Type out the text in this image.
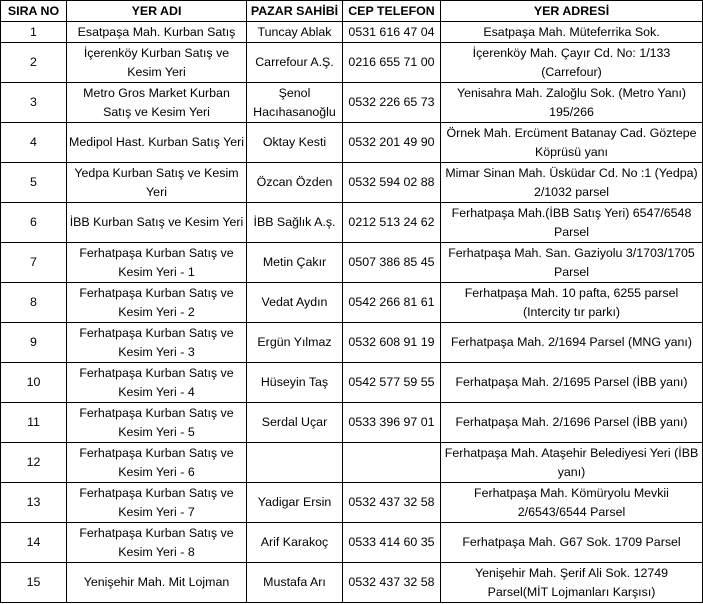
SIRA NO	YER ADI	PAZAR SAHİBİ	CEP TELEFON	YER ADRESİ
1	Esatpaşa Mah. Kurban Satış	Tuncay Ablak	0531 616 47 04	Esatpaşa Mah. Müteferrika Sok.
2	İçerenköy Kurban Satış ve Kesim Yeri	Carrefour A.Ş.	0216 655 71 00	İçerenköy Mah. Çayır Cd. No: 1/133 (Carrefour)
3	Metro Gros Market Kurban Satış ve Kesim Yeri	Şenol Hacıhasanoğlu	0532 226 65 73	Yenisahra Mah. Zaloğlu Sok. (Metro Yanı) 195/266
4	Medipol Hast. Kurban Satış Yeri	Oktay Kesti	0532 201 49 90	Örnek Mah. Ercüment Batanay Cad. Göztepe Köprüsü yanı
5	Yedpa Kurban Satış ve Kesim Yeri	Özcan Özden	0532 594 02 88	Mimar Sinan Mah. Üsküdar Cd. No :1 (Yedpa) 2/1032 parsel
6	İBB Kurban Satış ve Kesim Yeri	İBB Sağlık A.ş.	0212 513 24 62	Ferhatpaşa Mah.(İBB Satış Yeri) 6547/6548 Parsel
7	Ferhatpaşa Kurban Satış ve Kesim Yeri - 1	Metin Çakır	0507 386 85 45	Ferhatpaşa Mah. San. Gaziyolu 3/1703/1705 Parsel
8	Ferhatpaşa Kurban Satış ve Kesim Yeri - 2	Vedat Aydın	0542 266 81 61	Ferhatpaşa Mah. 10 pafta, 6255 parsel (Intercity tır parkı)
9	Ferhatpaşa Kurban Satış ve Kesim Yeri - 3	Ergün Yılmaz	0532 608 91 19	Ferhatpaşa Mah. 2/1694 Parsel (MNG yanı)
10	Ferhatpaşa Kurban Satış ve Kesim Yeri - 4	Hüseyin Taş	0542 577 59 55	Ferhatpaşa Mah. 2/1695 Parsel (İBB yanı)
11	Ferhatpaşa Kurban Satış ve Kesim Yeri - 5	Serdal Uçar	0533 396 97 01	Ferhatpaşa Mah. 2/1696 Parsel (İBB yanı)
12	Ferhatpaşa Kurban Satış ve Kesim Yeri - 6			Ferhatpaşa Mah. Ataşehir Belediyesi Yeri (İBB yanı)
13	Ferhatpaşa Kurban Satış ve Kesim Yeri - 7	Yadigar Ersin	0532 437 32 58	Ferhatpaşa Mah. Kömüryolu Mevkii 2/6543/6544 Parsel
14	Ferhatpaşa Kurban Satış ve Kesim Yeri - 8	Arif Karakoç	0533 414 60 35	Ferhatpaşa Mah. G67 Sok. 1709 Parsel
15	Yenişehir Mah. Mit Lojman	Mustafa Arı	0532 437 32 58	Yenişehir Mah. Şerif Ali Sok. 12749 Parsel(MİT Lojmanları Karşısı)
